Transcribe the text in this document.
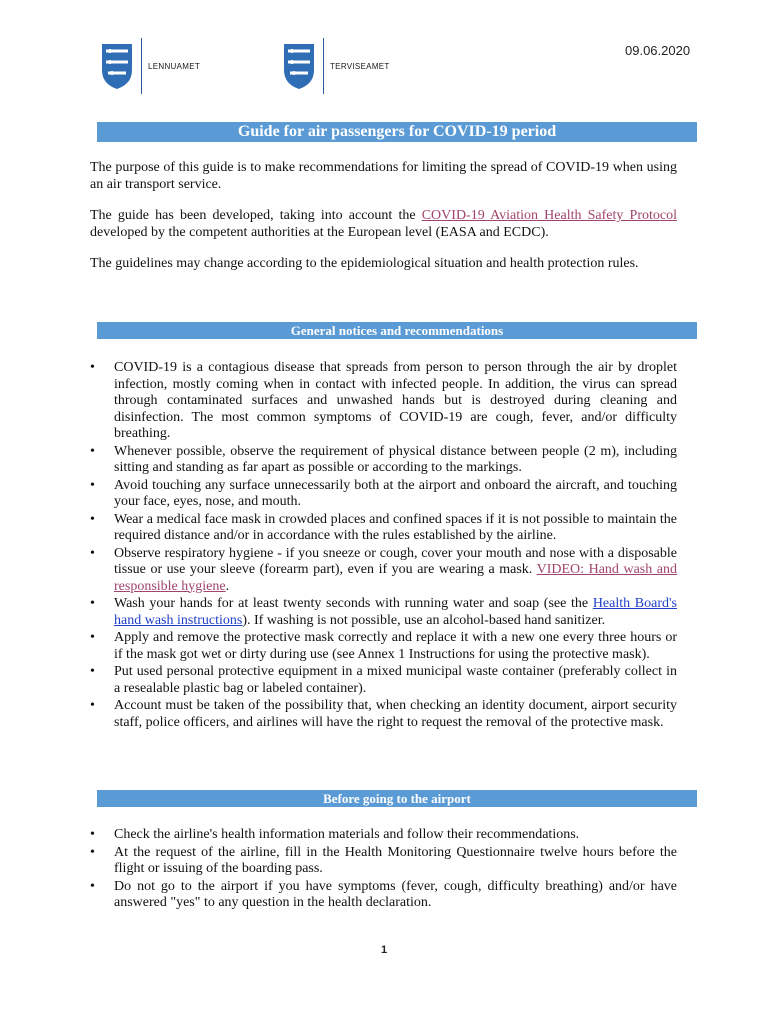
LENNUAMET	TERVISEAMET
09.06.2020
Guide for air passengers for COVID-19 period

The purpose of this guide is to make recommendations for limiting the spread of COVID-19 when using an air transport service.

The guide has been developed, taking into account the COVID-19 Aviation Health Safety Protocol developed by the competent authorities at the European level (EASA and ECDC).

The guidelines may change according to the epidemiological situation and health protection rules.

General notices and recommendations
• COVID-19 is a contagious disease that spreads from person to person through the air by droplet infection, mostly coming when in contact with infected people. In addition, the virus can spread through contaminated surfaces and unwashed hands but is destroyed during cleaning and disinfection. The most common symptoms of COVID-19 are cough, fever, and/or difficulty breathing.
• Whenever possible, observe the requirement of physical distance between people (2 m), including sitting and standing as far apart as possible or according to the markings.
• Avoid touching any surface unnecessarily both at the airport and onboard the aircraft, and touching your face, eyes, nose, and mouth.
• Wear a medical face mask in crowded places and confined spaces if it is not possible to maintain the required distance and/or in accordance with the rules established by the airline.
• Observe respiratory hygiene - if you sneeze or cough, cover your mouth and nose with a disposable tissue or use your sleeve (forearm part), even if you are wearing a mask. VIDEO: Hand wash and responsible hygiene.
• Wash your hands for at least twenty seconds with running water and soap (see the Health Board's hand wash instructions). If washing is not possible, use an alcohol-based hand sanitizer.
• Apply and remove the protective mask correctly and replace it with a new one every three hours or if the mask got wet or dirty during use (see Annex 1 Instructions for using the protective mask).
• Put used personal protective equipment in a mixed municipal waste container (preferably collect in a resealable plastic bag or labeled container).
• Account must be taken of the possibility that, when checking an identity document, airport security staff, police officers, and airlines will have the right to request the removal of the protective mask.
Before going to the airport
• Check the airline's health information materials and follow their recommendations.
• At the request of the airline, fill in the Health Monitoring Questionnaire twelve hours before the flight or issuing of the boarding pass.
• Do not go to the airport if you have symptoms (fever, cough, difficulty breathing) and/or have answered "yes" to any question in the health declaration.
1
